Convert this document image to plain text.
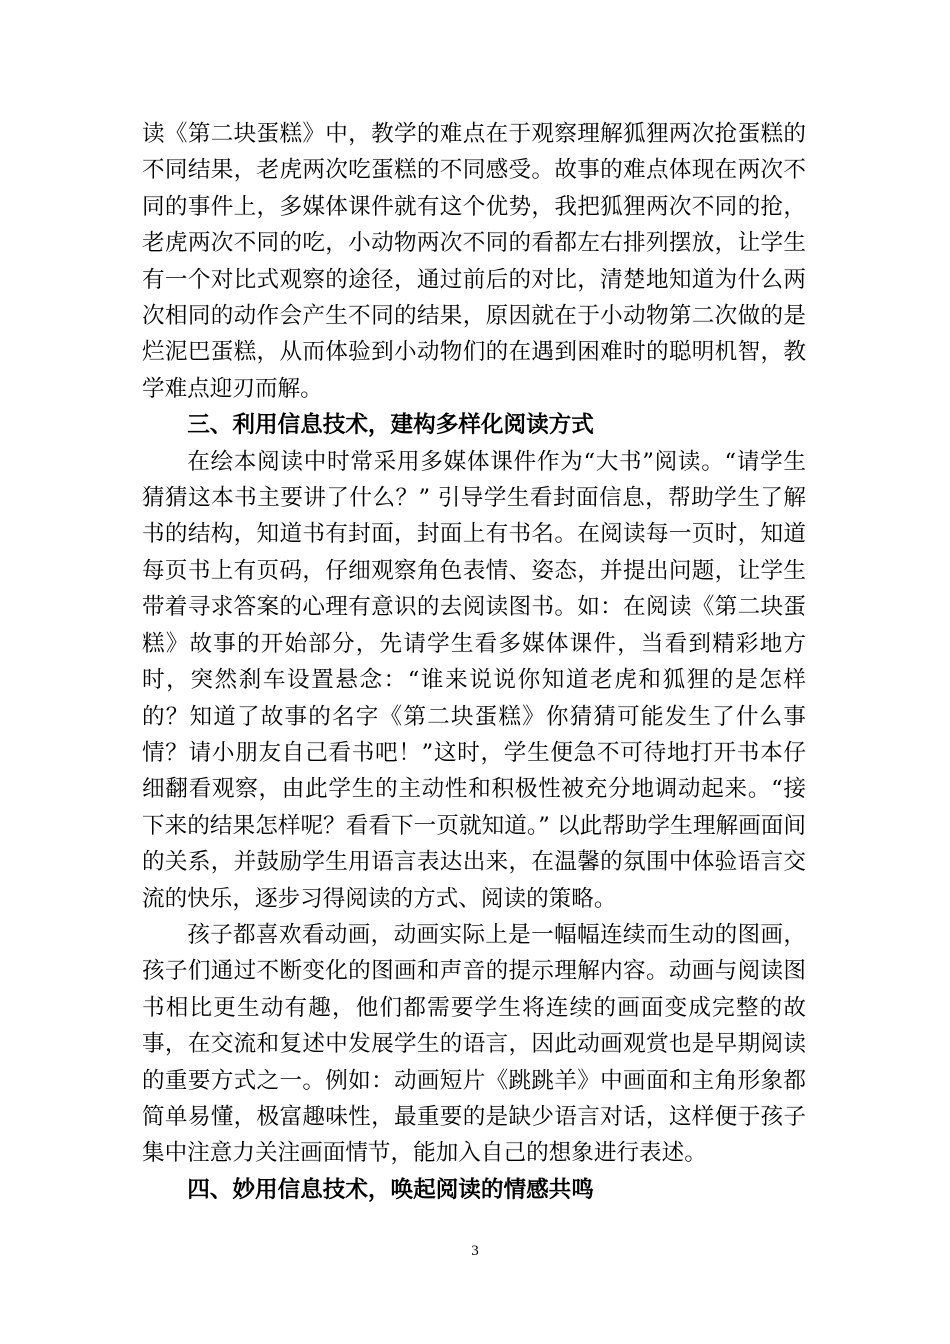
读《第二块蛋糕》中，教学的难点在于观察理解狐狸两次抢蛋糕的不同结果，老虎两次吃蛋糕的不同感受。故事的难点体现在两次不同的事件上，多媒体课件就有这个优势，我把狐狸两次不同的抢，老虎两次不同的吃，小动物两次不同的看都左右排列摆放，让学生有一个对比式观察的途径，通过前后的对比，清楚地知道为什么两次相同的动作会产生不同的结果，原因就在于小动物第二次做的是烂泥巴蛋糕，从而体验到小动物们的在遇到困难时的聪明机智，教学难点迎刃而解。

三、利用信息技术，建构多样化阅读方式

在绘本阅读中时常采用多媒体课件作为“大书”阅读。“请学生猜猜这本书主要讲了什么？” 引导学生看封面信息，帮助学生了解书的结构，知道书有封面，封面上有书名。在阅读每一页时，知道每页书上有页码，仔细观察角色表情、姿态，并提出问题，让学生带着寻求答案的心理有意识的去阅读图书。如：在阅读《第二块蛋糕》故事的开始部分，先请学生看多媒体课件，当看到精彩地方时，突然刹车设置悬念：“谁来说说你知道老虎和狐狸的是怎样的？知道了故事的名字《第二块蛋糕》你猜猜可能发生了什么事情？请小朋友自己看书吧！”这时，学生便急不可待地打开书本仔细翻看观察，由此学生的主动性和积极性被充分地调动起来。“接下来的结果怎样呢？看看下一页就知道。” 以此帮助学生理解画面间的关系，并鼓励学生用语言表达出来，在温馨的氛围中体验语言交流的快乐，逐步习得阅读的方式、阅读的策略。

孩子都喜欢看动画，动画实际上是一幅幅连续而生动的图画，孩子们通过不断变化的图画和声音的提示理解内容。动画与阅读图书相比更生动有趣，他们都需要学生将连续的画面变成完整的故事，在交流和复述中发展学生的语言，因此动画观赏也是早期阅读的重要方式之一。例如：动画短片《跳跳羊》中画面和主角形象都简单易懂，极富趣味性，最重要的是缺少语言对话，这样便于孩子集中注意力关注画面情节，能加入自己的想象进行表述。

四、妙用信息技术，唤起阅读的情感共鸣

3
